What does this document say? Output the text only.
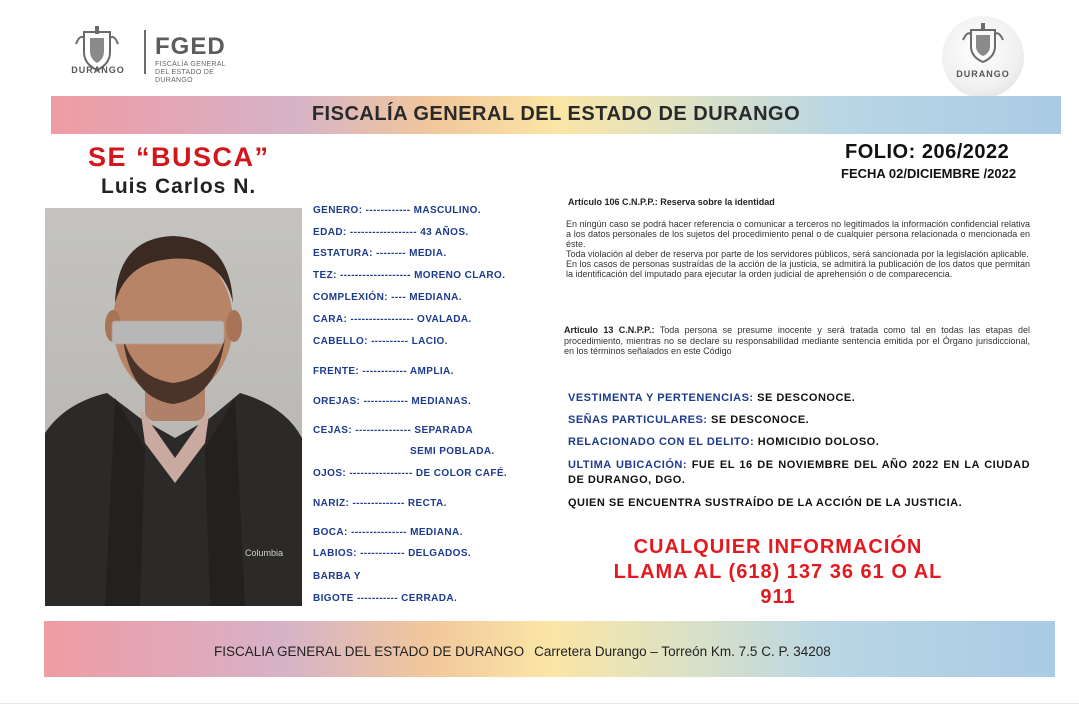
DURANGO
FGED
FISCALÍA GENERAL
DEL ESTADO DE DURANGO
DURANGO
FISCALÍA GENERAL DEL ESTADO DE DURANGO
SE “BUSCA”
Luis Carlos N.
FOLIO: 206/2022
FECHA 02/DICIEMBRE /2022
Columbia
GENERO: ------------ MASCULINO.
EDAD: ------------------ 43 AÑOS.
ESTATURA: -------- MEDIA.
TEZ: ------------------- MORENO CLARO.
COMPLEXIÓN: ---- MEDIANA.
CARA: ----------------- OVALADA.
CABELLO: ---------- LACIO.
FRENTE: ------------ AMPLIA.
OREJAS: ------------ MEDIANAS.
CEJAS: --------------- SEPARADA
SEMI POBLADA.
OJOS: ----------------- DE COLOR CAFÉ.
NARIZ: -------------- RECTA.
BOCA: --------------- MEDIANA.
LABIOS: ------------ DELGADOS.
BARBA Y
BIGOTE ----------- CERRADA.
Artículo 106 C.N.P.P.: Reserva sobre la identidad
En ningún caso se podrá hacer referencia o comunicar a terceros no legitimados la información confidencial relativa a los datos personales de los sujetos del procedimiento penal o de cualquier persona relacionada o mencionada en éste.
Toda violación al deber de reserva por parte de los servidores públicos, será sancionada por la legislación aplicable.
En los casos de personas sustraídas de la acción de la justicia, se admitirá la publicación de los datos que permitan la identificación del imputado para ejecutar la orden judicial de aprehensión o de comparecencia.
Artículo 13 C.N.P.P.: Toda persona se presume inocente y será tratada como tal en todas las etapas del procedimiento, mientras no se declare su responsabilidad mediante sentencia emitida por el Órgano jurisdiccional, en los términos señalados en este Código
VESTIMENTA Y PERTENENCIAS: SE DESCONOCE.
SEÑAS PARTICULARES: SE DESCONOCE.
RELACIONADO CON EL DELITO: HOMICIDIO DOLOSO.
ULTIMA UBICACIÓN: FUE EL 16 DE NOVIEMBRE DEL AÑO 2022 EN LA CIUDAD DE DURANGO, DGO.
QUIEN SE ENCUENTRA SUSTRAÍDO DE LA ACCIÓN DE LA JUSTICIA.
CUALQUIER INFORMACIÓN
LLAMA AL (618) 137 36 61 O AL
911
FISCALIA GENERAL DEL ESTADO DE DURANGO Carretera Durango – Torreón Km. 7.5 C. P. 34208
